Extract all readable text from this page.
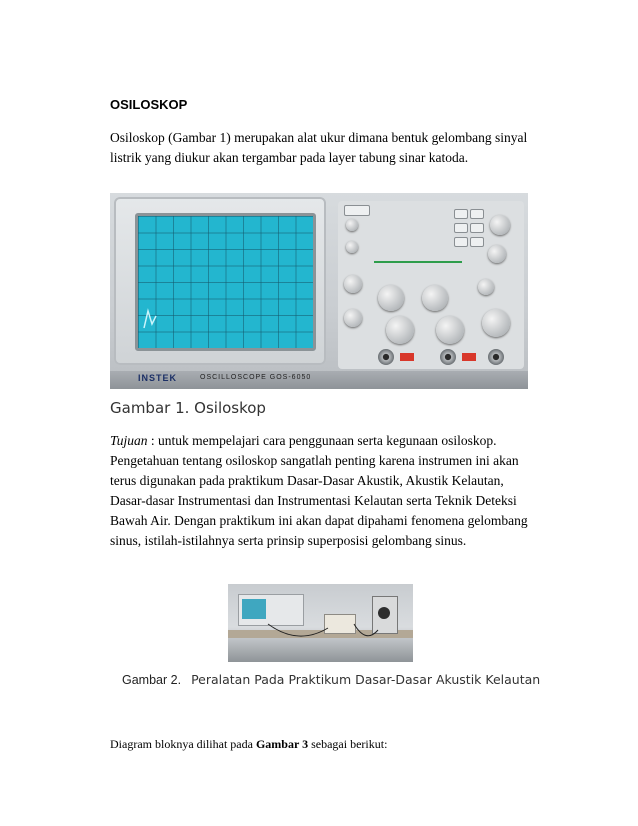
OSILOSKOP
Osiloskop (Gambar 1) merupakan alat ukur dimana bentuk gelombang sinyal listrik yang diukur akan tergambar pada layer tabung sinar katoda.
INSTEK	OSCILLOSCOPE GOS-6050
Gambar 1. Osiloskop
Tujuan : untuk mempelajari cara penggunaan serta kegunaan osiloskop. Pengetahuan tentang osiloskop sangatlah penting karena instrumen ini akan terus digunakan pada praktikum Dasar-Dasar Akustik, Akustik Kelautan, Dasar-dasar Instrumentasi dan Instrumentasi Kelautan serta Teknik Deteksi Bawah Air. Dengan praktikum ini akan dapat dipahami fenomena gelombang sinus, istilah-istilahnya serta prinsip superposisi gelombang sinus.
Gambar 2. Peralatan Pada Praktikum Dasar-Dasar Akustik Kelautan
Diagram bloknya dilihat pada Gambar 3 sebagai berikut:
